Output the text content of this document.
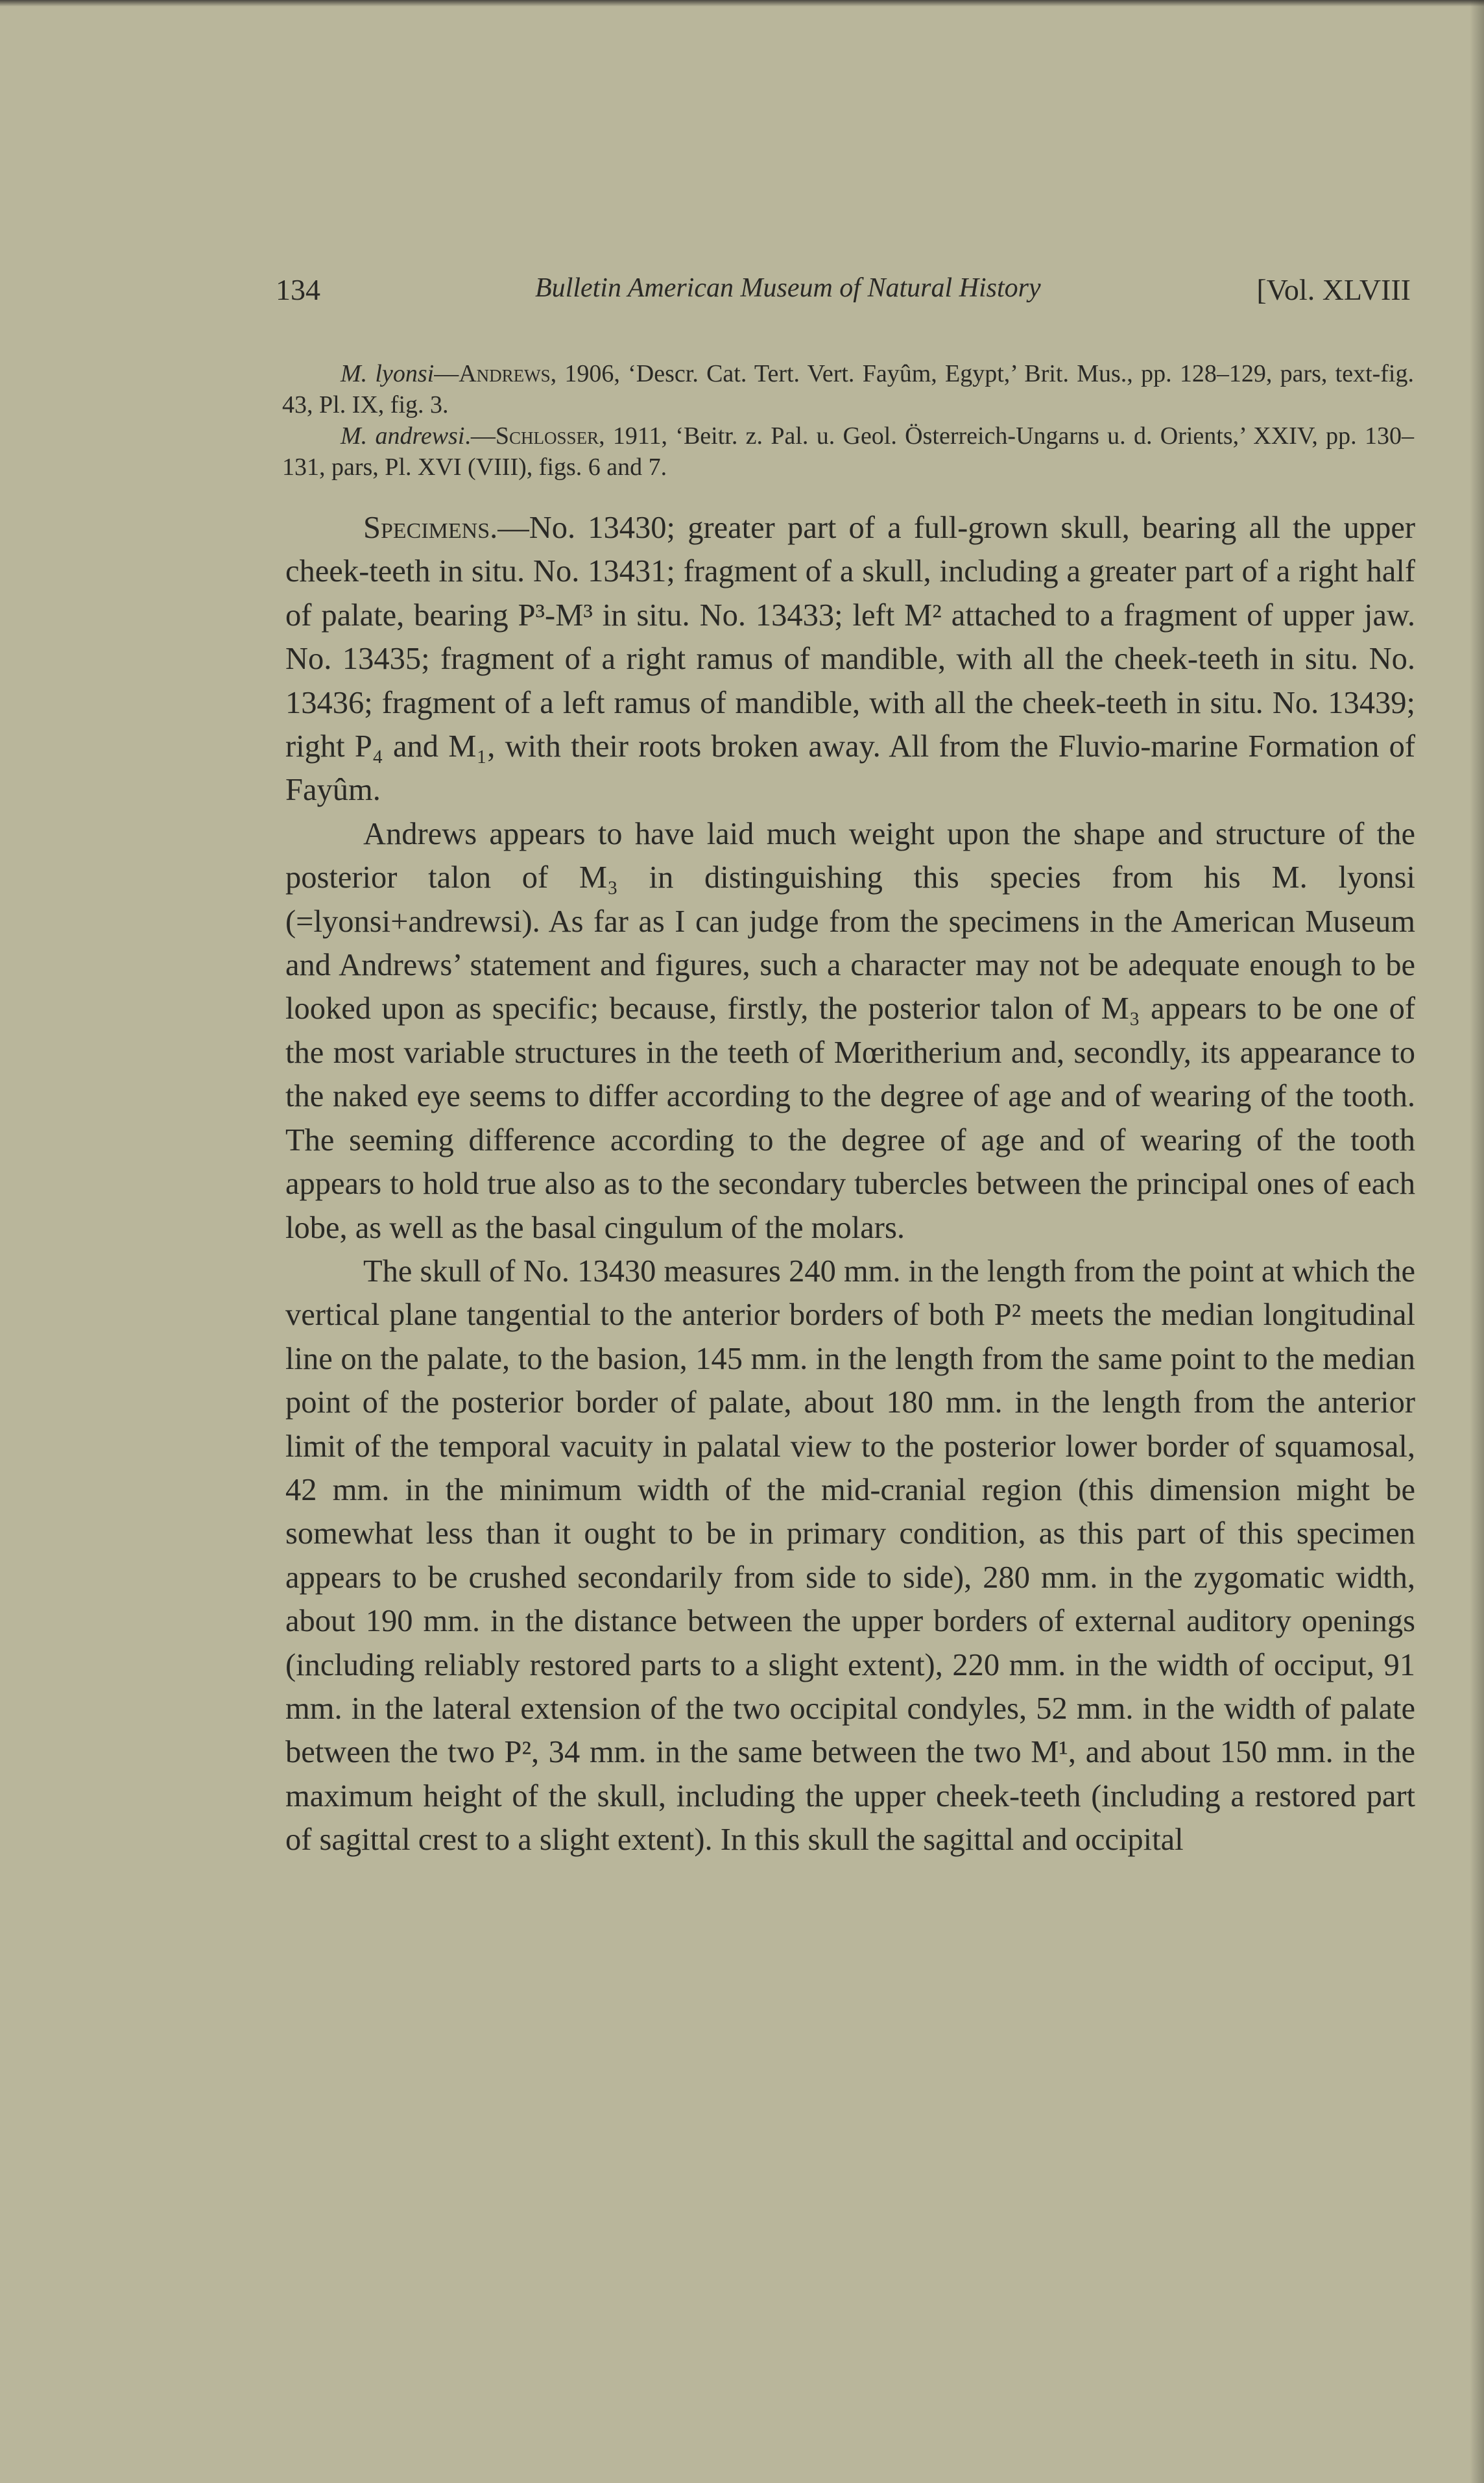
134	Bulletin American Museum of Natural History	[Vol. XLVIII

M. lyonsi—Andrews, 1906, ‘Descr. Cat. Tert. Vert. Fayûm, Egypt,’ Brit. Mus., pp. 128–129, pars, text-fig. 43, Pl. IX, fig. 3.

M. andrewsi.—Schlosser, 1911, ‘Beitr. z. Pal. u. Geol. Österreich-Ungarns u. d. Orients,’ XXIV, pp. 130–131, pars, Pl. XVI (VIII), figs. 6 and 7.

Specimens.—No. 13430; greater part of a full-grown skull, bearing all the upper cheek-teeth in situ. No. 13431; fragment of a skull, including a greater part of a right half of palate, bearing P³-M³ in situ. No. 13433; left M² attached to a fragment of upper jaw. No. 13435; fragment of a right ramus of mandible, with all the cheek-teeth in situ. No. 13436; fragment of a left ramus of mandible, with all the cheek-teeth in situ. No. 13439; right P₄ and M₁, with their roots broken away. All from the Fluvio-marine Formation of Fayûm.

Andrews appears to have laid much weight upon the shape and structure of the posterior talon of M₃ in distinguishing this species from his M. lyonsi (=lyonsi+andrewsi). As far as I can judge from the specimens in the American Museum and Andrews’ statement and figures, such a character may not be adequate enough to be looked upon as specific; because, firstly, the posterior talon of M₃ appears to be one of the most variable structures in the teeth of Mœritherium and, secondly, its appearance to the naked eye seems to differ according to the degree of age and of wearing of the tooth. The seeming difference according to the degree of age and of wearing of the tooth appears to hold true also as to the secondary tubercles between the principal ones of each lobe, as well as the basal cingulum of the molars.

The skull of No. 13430 measures 240 mm. in the length from the point at which the vertical plane tangential to the anterior borders of both P² meets the median longitudinal line on the palate, to the basion, 145 mm. in the length from the same point to the median point of the posterior border of palate, about 180 mm. in the length from the anterior limit of the temporal vacuity in palatal view to the posterior lower border of squamosal, 42 mm. in the minimum width of the mid-cranial region (this dimension might be somewhat less than it ought to be in primary condition, as this part of this specimen appears to be crushed secondarily from side to side), 280 mm. in the zygomatic width, about 190 mm. in the distance between the upper borders of external auditory openings (including reliably restored parts to a slight extent), 220 mm. in the width of occiput, 91 mm. in the lateral extension of the two occipital condyles, 52 mm. in the width of palate between the two P², 34 mm. in the same between the two M¹, and about 150 mm. in the maximum height of the skull, including the upper cheek-teeth (including a restored part of sagittal crest to a slight extent). In this skull the sagittal and occipital
